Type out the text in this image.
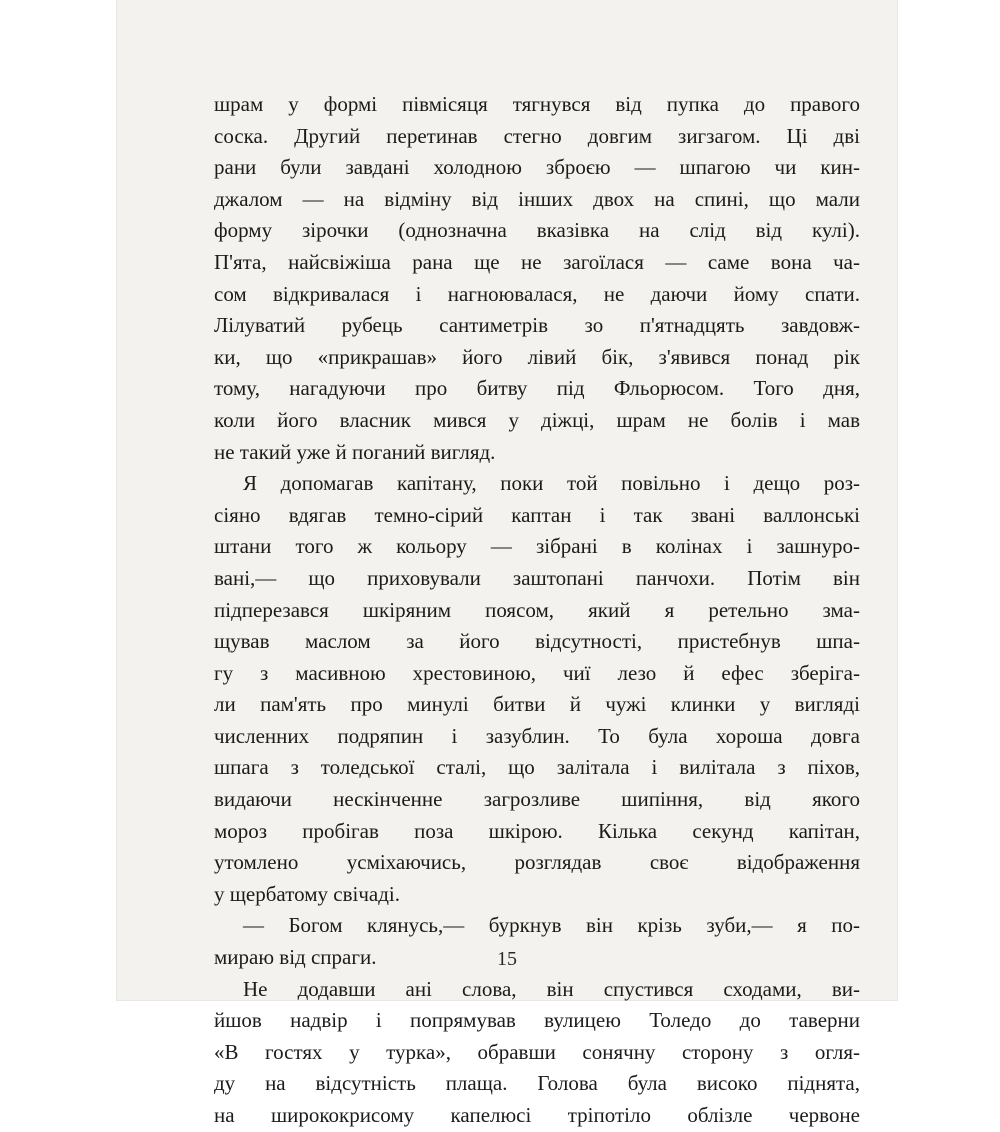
шрам у формі півмісяця тягнувся від пупка до правого
соска. Другий перетинав стегно довгим зигзагом. Ці дві
рани були завдані холодною зброєю — шпагою чи кин-
джалом — на відміну від інших двох на спині, що мали
форму зірочки (однозначна вказівка на слід від кулі).
П'ята, найсвіжіша рана ще не загоїлася — саме вона ча-
сом відкривалася і нагноювалася, не даючи йому спати.
Лілуватий рубець сантиметрів зо п'ятнадцять завдовж-
ки, що «прикрашав» його лівий бік, з'явився понад рік
тому, нагадуючи про битву під Фльорюсом. Того дня,
коли його власник мився у діжці, шрам не болів і мав
не такий уже й поганий вигляд.
Я допомагав капітану, поки той повільно і дещо роз-
сіяно вдягав темно-сірий каптан і так звані валлонські
штани того ж кольору — зібрані в колінах і зашнуро-
вані,— що приховували заштопані панчохи. Потім він
підперезався шкіряним поясом, який я ретельно зма-
щував маслом за його відсутності, пристебнув шпа-
гу з масивною хрестовиною, чиї лезо й ефес зберіга-
ли пам'ять про минулі битви й чужі клинки у вигляді
численних подряпин і зазублин. То була хороша довга
шпага з толедської сталі, що залітала і вилітала з піхов,
видаючи нескінченне загрозливе шипіння, від якого
мороз пробігав поза шкірою. Кілька секунд капітан,
утомлено усміхаючись, розглядав своє відображення
у щербатому свічаді.
— Богом клянусь,— буркнув він крізь зуби,— я по-
мираю від спраги.
Не додавши ані слова, він спустився сходами, ви-
йшов надвір і попрямував вулицею Толедо до таверни
«В гостях у турка», обравши сонячну сторону з огля-
ду на відсутність плаща. Голова була високо піднята,
на ширококрисому капелюсі тріпотіло облізле червоне
15
